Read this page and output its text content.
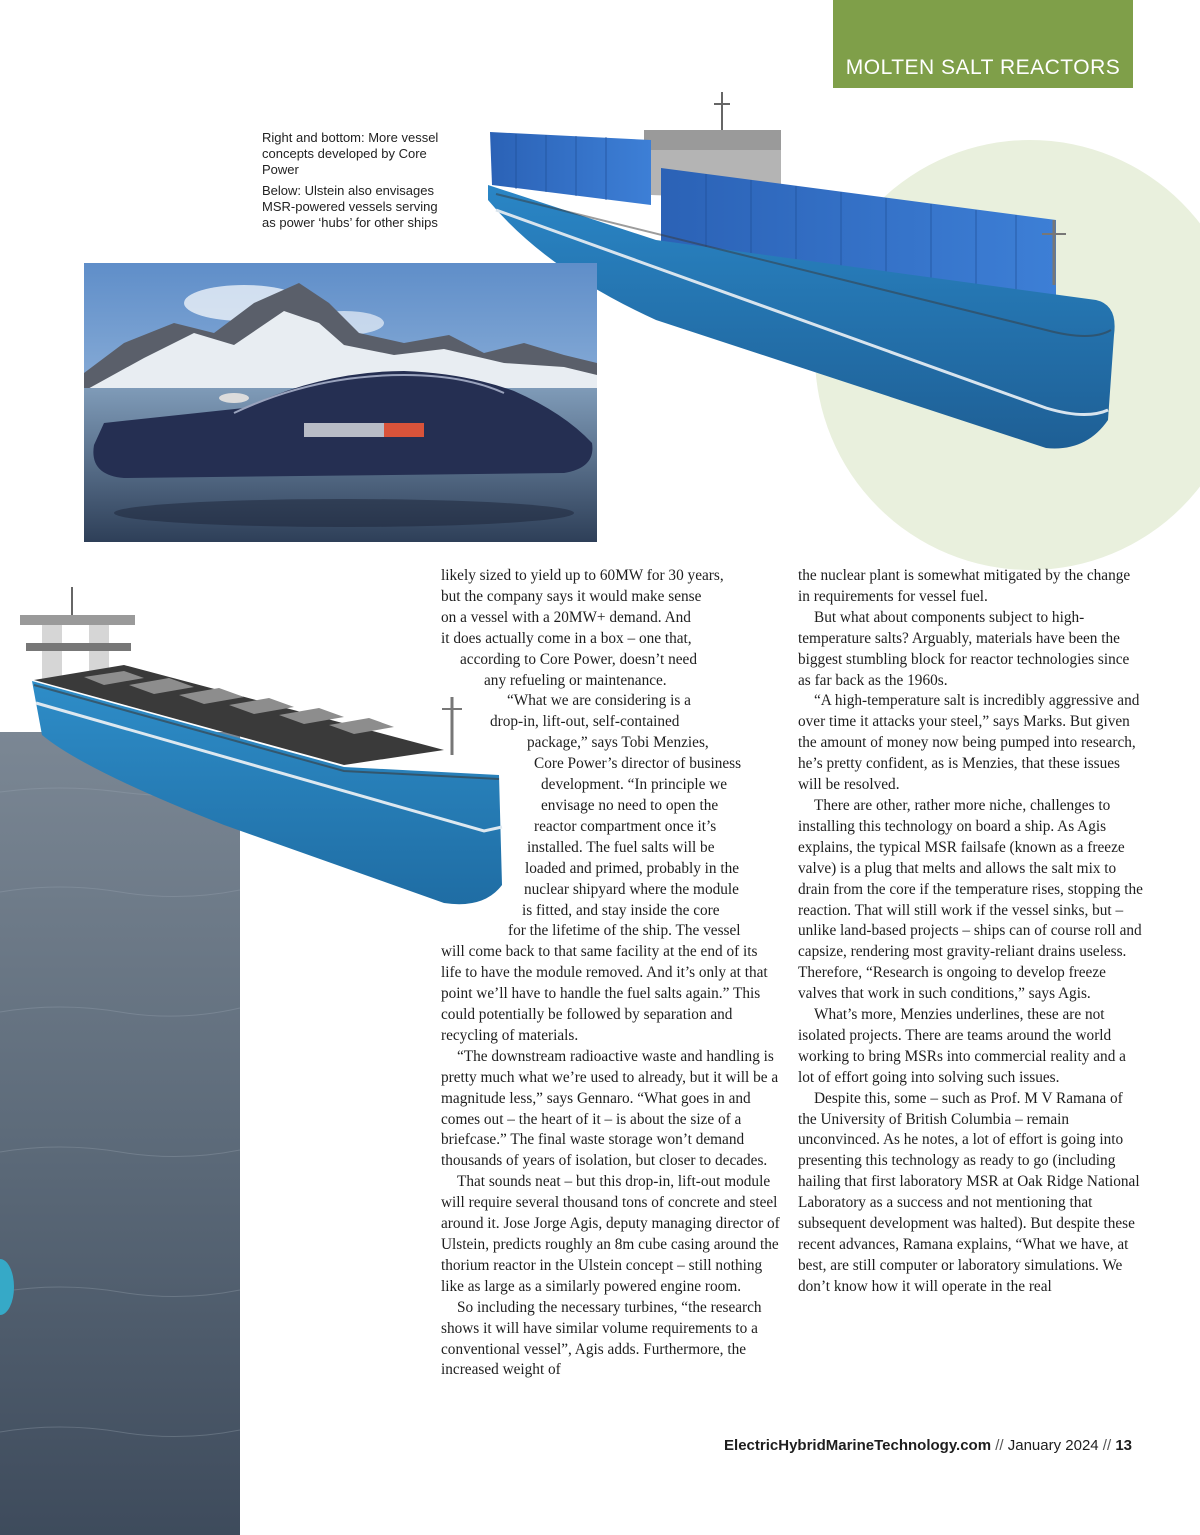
MOLTEN SALT REACTORS

Right and bottom: More vessel concepts developed by Core Power

Below: Ulstein also envisages MSR-powered vessels serving as power ‘hubs’ for other ships

likely sized to yield up to 60MW for 30 years,
but the company says it would make sense
on a vessel with a 20MW+ demand. And
it does actually come in a box – one that,
according to Core Power, doesn’t need
any refueling or maintenance.
“What we are considering is a
drop-in, lift-out, self-contained
package,” says Tobi Menzies,
Core Power’s director of business
development. “In principle we
envisage no need to open the
reactor compartment once it’s
installed. The fuel salts will be
loaded and primed, probably in the
nuclear shipyard where the module
is fitted, and stay inside the core
for the lifetime of the ship. The vessel

will come back to that same facility at the end of its life to have the module removed. And it’s only at that point we’ll have to handle the fuel salts again.” This could potentially be followed by separation and recycling of materials.

“The downstream radioactive waste and handling is pretty much what we’re used to already, but it will be a magnitude less,” says Gennaro. “What goes in and comes out – the heart of it – is about the size of a briefcase.” The final waste storage won’t demand thousands of years of isolation, but closer to decades.

That sounds neat – but this drop-in, lift-out module will require several thousand tons of concrete and steel around it. Jose Jorge Agis, deputy managing director of Ulstein, predicts roughly an 8m cube casing around the thorium reactor in the Ulstein concept – still nothing like as large as a similarly powered engine room.

So including the necessary turbines, “the research shows it will have similar volume requirements to a conventional vessel”, Agis adds. Furthermore, the increased weight of

the nuclear plant is somewhat mitigated by the change in requirements for vessel fuel.

But what about components subject to high-temperature salts? Arguably, materials have been the biggest stumbling block for reactor technologies since as far back as the 1960s.

“A high-temperature salt is incredibly aggressive and over time it attacks your steel,” says Marks. But given the amount of money now being pumped into research, he’s pretty confident, as is Menzies, that these issues will be resolved.

There are other, rather more niche, challenges to installing this technology on board a ship. As Agis explains, the typical MSR failsafe (known as a freeze valve) is a plug that melts and allows the salt mix to drain from the core if the temperature rises, stopping the reaction. That will still work if the vessel sinks, but – unlike land-based projects – ships can of course roll and capsize, rendering most gravity-reliant drains useless. Therefore, “Research is ongoing to develop freeze valves that work in such conditions,” says Agis.

What’s more, Menzies underlines, these are not isolated projects. There are teams around the world working to bring MSRs into commercial reality and a lot of effort going into solving such issues.

Despite this, some – such as Prof. M V Ramana of the University of British Columbia – remain unconvinced. As he notes, a lot of effort is going into presenting this technology as ready to go (including hailing that first laboratory MSR at Oak Ridge National Laboratory as a success and not mentioning that subsequent development was halted). But despite these recent advances, Ramana explains, “What we have, at best, are still computer or laboratory simulations. We don’t know how it will operate in the real

ElectricHybridMarineTechnology.com // January 2024 // 13
